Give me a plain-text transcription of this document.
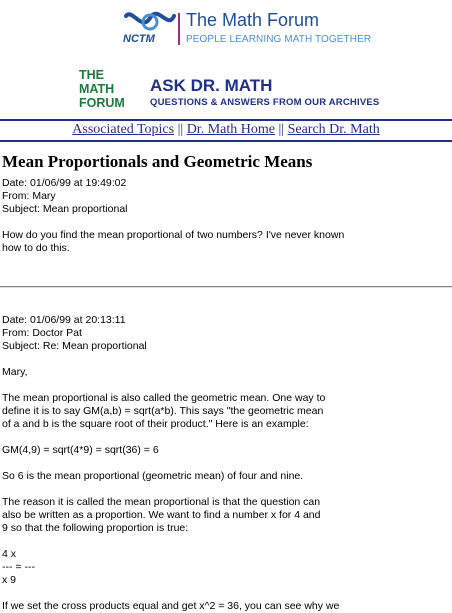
NCTM
The Math Forum
PEOPLE LEARNING MATH TOGETHER
THE
MATH
FORUM
ASK DR. MATH
QUESTIONS & ANSWERS FROM OUR ARCHIVES
Associated Topics || Dr. Math Home || Search Dr. Math
Mean Proportionals and Geometric Means

Date: 01/06/99 at 19:49:02

From: Mary

Subject: Mean proportional

How do you find the mean proportional of two numbers? I've never known

how to do this.

Date: 01/06/99 at 20:13:11

From: Doctor Pat

Subject: Re: Mean proportional

Mary,

The mean proportional is also called the geometric mean. One way to

define it is to say GM(a,b) = sqrt(a*b). This says "the geometric mean

of a and b is the square root of their product." Here is an example:

GM(4,9) = sqrt(4*9) = sqrt(36) = 6

So 6 is the mean proportional (geometric mean) of four and nine.

The reason it is called the mean proportional is that the question can

also be written as a proportion. We want to find a number x for 4 and

9 so that the following proportion is true:

4 x

--- = ---

x 9

If we set the cross products equal and get x^2 = 36, you can see why we
